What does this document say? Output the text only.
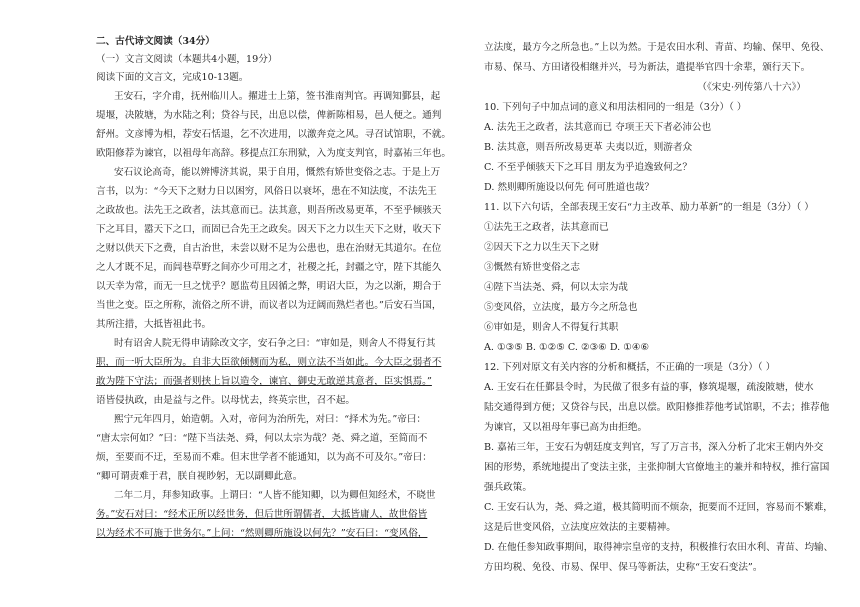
二、古代诗文阅读（34分）
（一）文言文阅读（本题共4小题，19分）
阅读下面的文言文，完成10-13题。
王安石，字介甫，抚州临川人。擢进士上第，签书淮南判官。再调知鄞县，起
堤堰，决陂塘，为水陆之利；贷谷与民，出息以偿，俾新陈相易，邑人便之。通判
舒州。文彦博为相，荐安石恬退，乞不次进用，以激奔竞之风。寻召试馆职，不就。
欧阳修荐为谏官，以祖母年高辞。移提点江东刑狱，入为度支判官，时嘉祐三年也。
安石议论高奇，能以辨博济其说，果于自用，慨然有矫世变俗之志。于是上万
言书，以为：“今天下之财力日以困穷，风俗日以衰坏，患在不知法度，不法先王
之政故也。法先王之政者，法其意而已。法其意，则吾所改易更革，不至乎倾骇天
下之耳目，嚣天下之口，而固已合先王之政矣。因天下之力以生天下之财，收天下
之财以供天下之费，自古治世，未尝以财不足为公患也，患在治财无其道尔。在位
之人才既不足，而闾巷草野之间亦少可用之才，社稷之托，封疆之守，陛下其能久
以天幸为常，而无一旦之忧乎？愿监苟且因循之弊，明诏大臣，为之以渐，期合于
当世之变。臣之所称，流俗之所不讲，而议者以为迂阔而熟烂者也。”后安石当国，
其所注措，大抵皆祖此书。
时有诏舍人院无得申请除改文字，安石争之曰：“审如是，则舍人不得复行其
职，而一听大臣所为。自非大臣欲倾侧而为私，则立法不当如此。今大臣之弱者不
敢为陛下守法；而强者则挟上旨以造令，谏官、御史无敢逆其意者，臣实惧焉。”
语皆侵执政，由是益与之件。以母忧去，终英宗世，召不起。
熙宁元年四月，始造朝。入对，帝问为治所先，对曰：“择术为先。”帝曰：
“唐太宗何如？”曰：“陛下当法尧、舜，何以太宗为哉？尧、舜之道，至简而不
烦，至要而不迂，至易而不难。但末世学者不能通知，以为高不可及尔。”帝曰：
“卿可谓责难于君，朕自视眇躬，无以副卿此意。
二年二月，拜参知政事。上谓曰：“人皆不能知卿，以为卿但知经术，不晓世
务。”安石对曰：“经术正所以经世务，但后世所谓儒者，大抵皆庸人，故世俗皆
以为经术不可施于世务尔。”上问：“然则卿所施设以何先？”安石曰：“变风俗，
立法度，最方今之所急也。”上以为然。于是农田水利、青苗、均输、保甲、免役、
市易、保马、方田诸役相继并兴，号为新法，遣提举官四十余辈，颁行天下。
（《宋史·列传第八十六》）
10. 下列句子中加点词的意义和用法相同的一组是（3分）（ ）
A. 法先王之政者，法其意而已 夺项王天下者必沛公也
B. 法其意，则吾所改易更革 夫夷以近，则游者众
C. 不至乎倾骇天下之耳目 朋友为乎追逸致何之？
D. 然则卿所施设以何先 何可胜道也哉？
11. 以下六句话，全部表现王安石“力主改革、励力革新”的一组是（3分）（ ）
①法先王之政者，法其意而已
②因天下之力以生天下之财
③慨然有矫世变俗之志
④陛下当法尧、舜，何以太宗为哉
⑤变风俗，立法度，最方今之所急也
⑥审如是，则舍人不得复行其职
A. ①③⑤ B. ①②⑤ C. ②③⑥ D. ①④⑥
12. 下列对原文有关内容的分析和概括，不正确的一项是（3分）（ ）
A. 王安石在任鄞县令时，为民做了很多有益的事，修筑堤堰，疏浚陂塘，使水
陆交通得到方便；又贷谷与民，出息以偿。欧阳修推荐他考试馆职，不去；推荐他
为谏官，又以祖母年事已高为由拒绝。
B. 嘉祐三年，王安石为朝廷度支判官，写了万言书，深入分析了北宋王朝内外交
困的形势，系统地提出了变法主张，主张抑制大官僚地主的兼并和特权，推行富国
强兵政策。
C. 王安石认为，尧、舜之道，极其简明而不烦杂，扼要而不迂回，容易而不繁难，
这是后世变风俗，立法度应效法的主要精神。
D. 在他任参知政事期间，取得神宗皇帝的支持，积极推行农田水利、青苗、均输、
方田均税、免役、市易、保甲、保马等新法，史称“王安石变法”。
